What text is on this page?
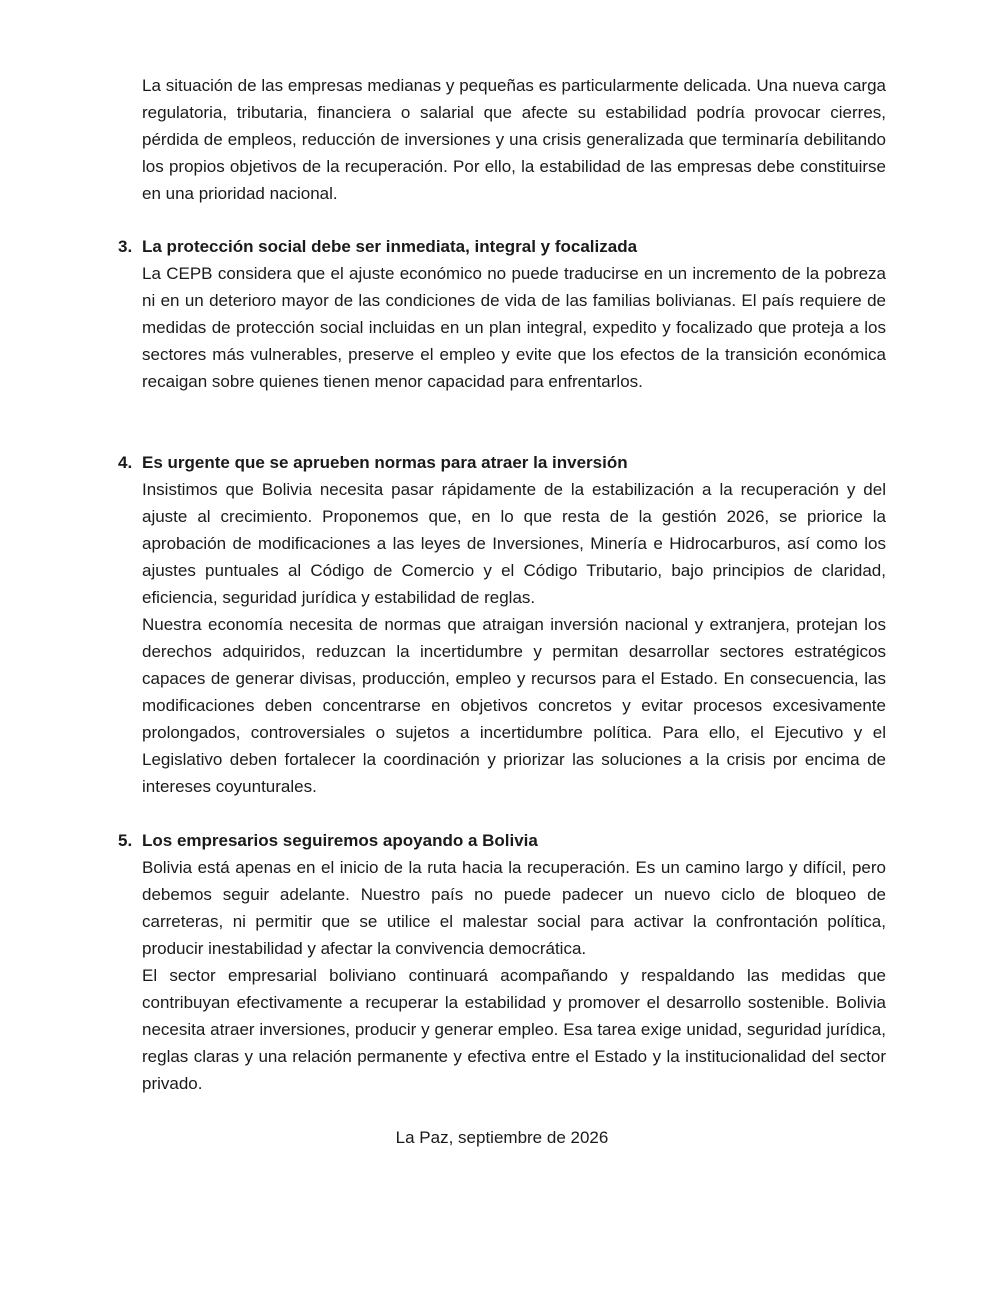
La situación de las empresas medianas y pequeñas es particularmente delicada. Una nueva carga regulatoria, tributaria, financiera o salarial que afecte su estabilidad podría provocar cierres, pérdida de empleos, reducción de inversiones y una crisis generalizada que terminaría debilitando los propios objetivos de la recuperación. Por ello, la estabilidad de las empresas debe constituirse en una prioridad nacional.

3. La protección social debe ser inmediata, integral y focalizada

La CEPB considera que el ajuste económico no puede traducirse en un incremento de la pobreza ni en un deterioro mayor de las condiciones de vida de las familias bolivianas. El país requiere de medidas de protección social incluidas en un plan integral, expedito y focalizado que proteja a los sectores más vulnerables, preserve el empleo y evite que los efectos de la transición económica recaigan sobre quienes tienen menor capacidad para enfrentarlos.

4. Es urgente que se aprueben normas para atraer la inversión

Insistimos que Bolivia necesita pasar rápidamente de la estabilización a la recuperación y del ajuste al crecimiento. Proponemos que, en lo que resta de la gestión 2026, se priorice la aprobación de modificaciones a las leyes de Inversiones, Minería e Hidrocarburos, así como los ajustes puntuales al Código de Comercio y el Código Tributario, bajo principios de claridad, eficiencia, seguridad jurídica y estabilidad de reglas.

Nuestra economía necesita de normas que atraigan inversión nacional y extranjera, protejan los derechos adquiridos, reduzcan la incertidumbre y permitan desarrollar sectores estratégicos capaces de generar divisas, producción, empleo y recursos para el Estado. En consecuencia, las modificaciones deben concentrarse en objetivos concretos y evitar procesos excesivamente prolongados, controversiales o sujetos a incertidumbre política. Para ello, el Ejecutivo y el Legislativo deben fortalecer la coordinación y priorizar las soluciones a la crisis por encima de intereses coyunturales.

5. Los empresarios seguiremos apoyando a Bolivia

Bolivia está apenas en el inicio de la ruta hacia la recuperación. Es un camino largo y difícil, pero debemos seguir adelante. Nuestro país no puede padecer un nuevo ciclo de bloqueo de carreteras, ni permitir que se utilice el malestar social para activar la confrontación política, producir inestabilidad y afectar la convivencia democrática.

El sector empresarial boliviano continuará acompañando y respaldando las medidas que contribuyan efectivamente a recuperar la estabilidad y promover el desarrollo sostenible. Bolivia necesita atraer inversiones, producir y generar empleo. Esa tarea exige unidad, seguridad jurídica, reglas claras y una relación permanente y efectiva entre el Estado y la institucionalidad del sector privado.

La Paz, septiembre de 2026
